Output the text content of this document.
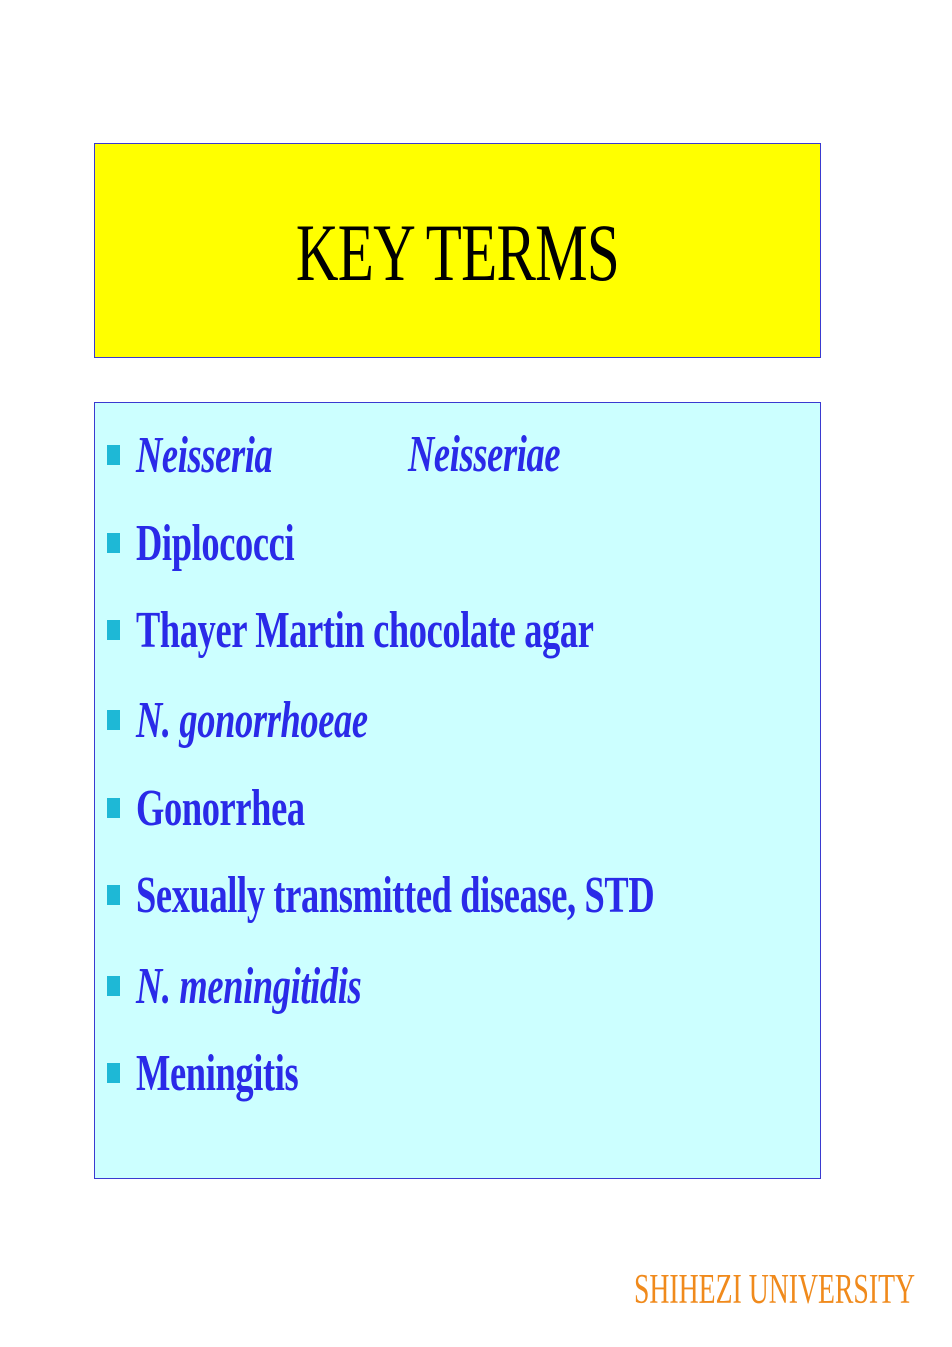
KEY TERMS
Neisseria	Neisseriae
Diplococci
Thayer Martin chocolate agar
N. gonorrhoeae
Gonorrhea
Sexually transmitted disease, STD
N. meningitidis
Meningitis
SHIHEZI UNIVERSITY
